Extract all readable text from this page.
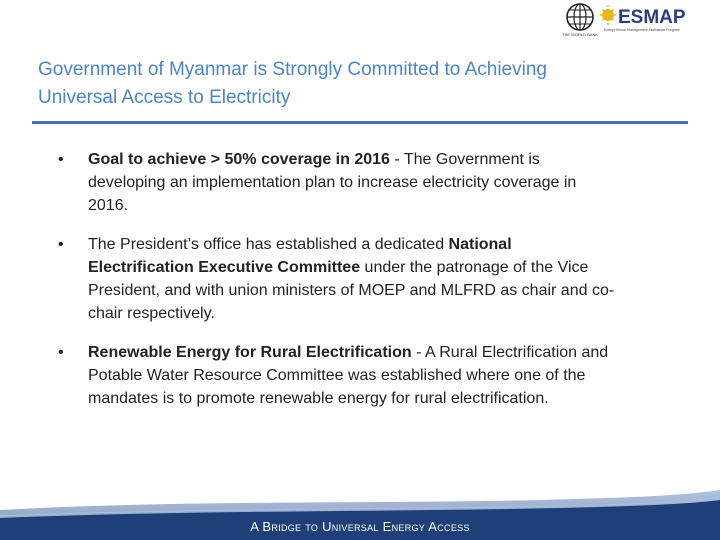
THE WORLD BANK
ESMAP
Energy Sector Management Assistance Program
Government of Myanmar is Strongly Committed to Achieving
Universal Access to Electricity
• Goal to achieve > 50% coverage in 2016 - The Government is developing an implementation plan to increase electricity coverage in 2016.
• The President’s office has established a dedicated National Electrification Executive Committee under the patronage of the Vice President, and with union ministers of MOEP and MLFRD as chair and co-chair respectively.
• Renewable Energy for Rural Electrification - A Rural Electrification and Potable Water Resource Committee was established where one of the mandates is to promote renewable energy for rural electrification.
A Bridge to Universal Energy Access
